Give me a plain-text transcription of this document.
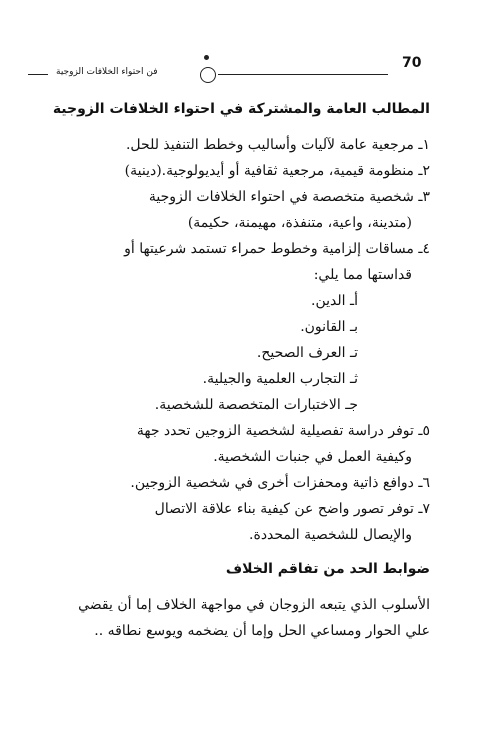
70
فن احتواء الخلافات الزوجية

المطالب العامة والمشتركة في احتواء الخلافات الزوجية

١ـ مرجعية عامة لآليات وأساليب وخطط التنفيذ للحل.

٢ـ منظومة قيمية، مرجعية ثقافية أو أيديولوجية.(دينية)

٣ـ شخصية متخصصة في احتواء الخلافات الزوجية

(متدينة، واعية، متنفذة، مهيمنة، حكيمة)

٤ـ مساقات إلزامية وخطوط حمراء تستمد شرعيتها أو

قداستها مما يلي:

أـ الدين.

بـ القانون.

تـ العرف الصحيح.

ثـ التجارب العلمية والجيلية.

جـ الاختبارات المتخصصة للشخصية.

٥ـ توفر دراسة تفصيلية لشخصية الزوجين تحدد جهة

وكيفية العمل في جنبات الشخصية.

٦ـ دوافع ذاتية ومحفزات أخرى في شخصية الزوجين.

٧ـ توفر تصور واضح عن كيفية بناء علاقة الاتصال

والإيصال للشخصية المحددة.

ضوابط الحد من تفاقم الخلاف

الأسلوب الذي يتبعه الزوجان في مواجهة الخلاف إما أن يقضي

علي الحوار ومساعي الحل وإما أن يضخمه ويوسع نطاقه ..
